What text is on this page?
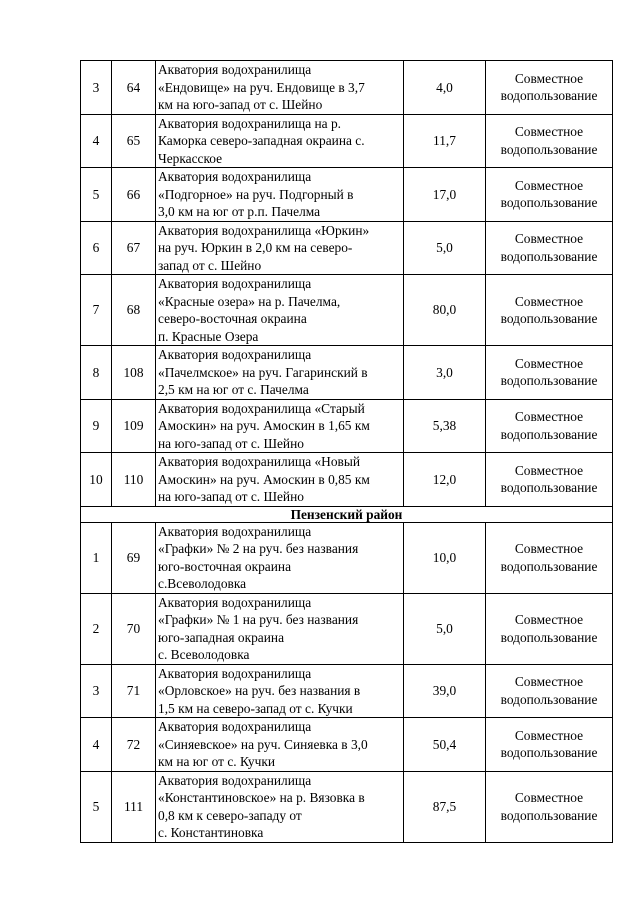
3	64	Акватория водохранилища
«Ендовище» на руч. Ендовище в 3,7
км на юго-запад от с. Шейно	4,0	Совместное
водопользование

4	65	Акватория водохранилища на р.
Каморка северо-западная окраина с.
Черкасское	11,7	Совместное
водопользование

5	66	Акватория водохранилища
«Подгорное» на руч. Подгорный в
3,0 км на юг от р.п. Пачелма	17,0	Совместное
водопользование

6	67	Акватория водохранилища «Юркин»
на руч. Юркин в 2,0 км на северо-
запад от с. Шейно	5,0	Совместное
водопользование

7	68	Акватория водохранилища
«Красные озера» на р. Пачелма,
северо-восточная окраина
п. Красные Озера	80,0	Совместное
водопользование

8	108	Акватория водохранилища
«Пачелмское» на руч. Гагаринский в
2,5 км на юг от с. Пачелма	3,0	Совместное
водопользование

9	109	Акватория водохранилища «Старый
Амоскин» на руч. Амоскин в 1,65 км
на юго-запад от с. Шейно	5,38	Совместное
водопользование

10	110	Акватория водохранилища «Новый
Амоскин» на руч. Амоскин в 0,85 км
на юго-запад от с. Шейно	12,0	Совместное
водопользование

Пензенский район				
1	69	Акватория водохранилища
«Графки» № 2 на руч. без названия
юго-восточная окраина
с.Всеволодовка	10,0	Совместное
водопользование

2	70	Акватория водохранилища
«Графки» № 1 на руч. без названия
юго-западная окраина
с. Всеволодовка	5,0	Совместное
водопользование

3	71	Акватория водохранилища
«Орловское» на руч. без названия в
1,5 км на северо-запад от с. Кучки	39,0	Совместное
водопользование

4	72	Акватория водохранилища
«Синяевское» на руч. Синяевка в 3,0
км на юг от с. Кучки	50,4	Совместное
водопользование

5	111	Акватория водохранилища
«Константиновское» на р. Вязовка в
0,8 км к северо-западу от
с. Константиновка	87,5	Совместное
водопользование
